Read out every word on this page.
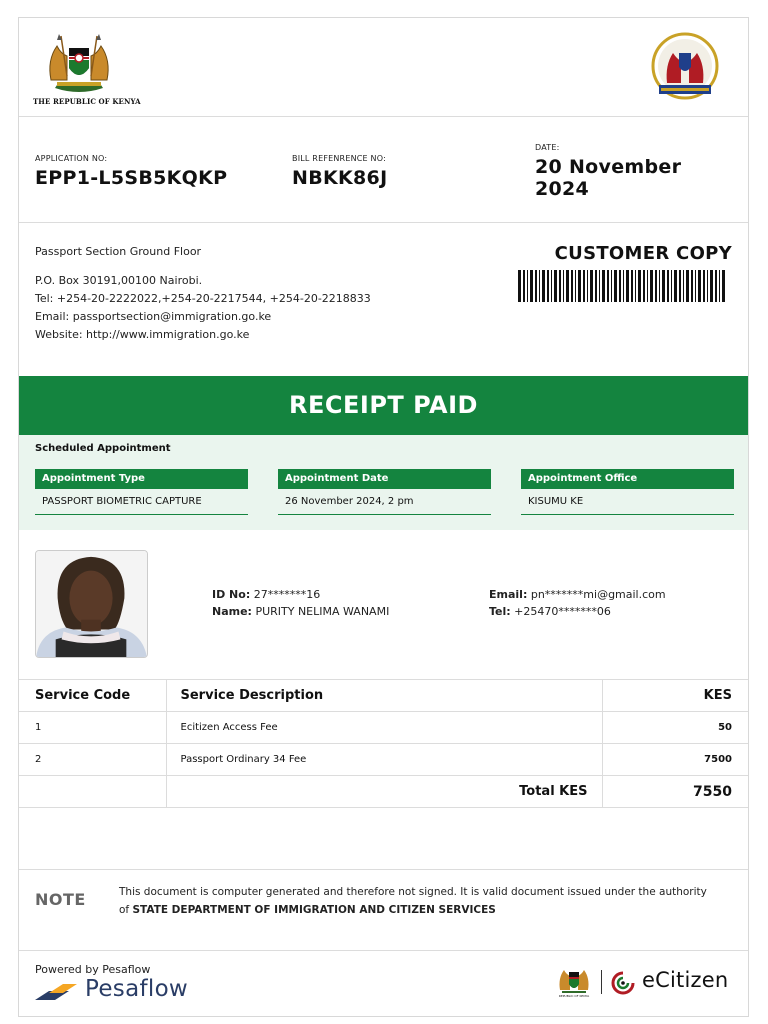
THE REPUBLIC OF KENYA
APPLICATION NO:
EPP1-L5SB5KQKP
BILL REFENRENCE NO:
NBKK86J
DATE:
20 November
2024
Passport Section Ground Floor
P.O. Box 30191,00100 Nairobi.
Tel: +254-20-2222022,+254-20-2217544, +254-20-2218833
Email: passportsection@immigration.go.ke
Website: http://www.immigration.go.ke
CUSTOMER COPY
RECEIPT PAID
Scheduled Appointment
Appointment Type
PASSPORT BIOMETRIC CAPTURE
Appointment Date
26 November 2024, 2 pm
Appointment Office
KISUMU KE
ID No: 27*******16
Name: PURITY NELIMA WANAMI
Email: pn*******mi@gmail.com
Tel: +25470*******06
Service Code	Service Description	KES
1	Ecitizen Access Fee	50
2	Passport Ordinary 34 Fee	7500
	Total KES	7550
NOTE	This document is computer generated and therefore not signed. It is valid document issued under the authority of STATE DEPARTMENT OF IMMIGRATION AND CITIZEN SERVICES
Powered by Pesaflow
Pesaflow	REPUBLIC OF KENYA
eCitizen
